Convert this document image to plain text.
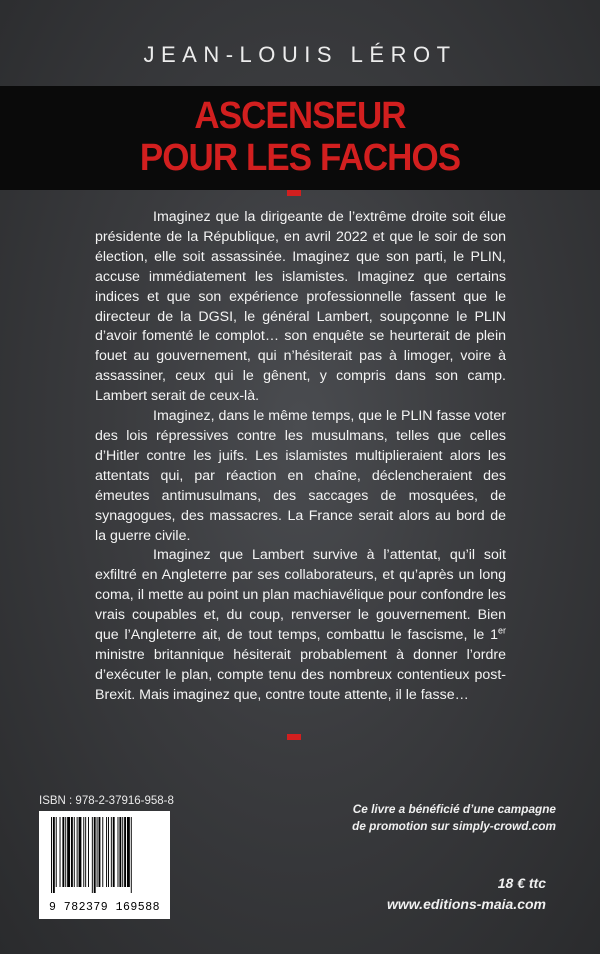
JEAN-LOUIS LÉROT
ASCENSEUR
POUR LES FACHOS

Imaginez que la dirigeante de l’extrême droite soit élue présidente de la République, en avril 2022 et que le soir de son élection, elle soit assassinée. Imaginez que son parti, le PLIN, accuse immédiatement les islamistes. Imaginez que certains indices et que son expérience professionnelle fassent que le directeur de la DGSI, le général Lambert, soupçonne le PLIN d’avoir fomenté le complot… son enquête se heurterait de plein fouet au gouvernement, qui n’hésiterait pas à limoger, voire à assassiner, ceux qui le gênent, y compris dans son camp. Lambert serait de ceux-là.

Imaginez, dans le même temps, que le PLIN fasse voter des lois répressives contre les musulmans, telles que celles d’Hitler contre les juifs. Les islamistes multiplieraient alors les attentats qui, par réaction en chaîne, déclencheraient des émeutes antimusulmans, des saccages de mosquées, de synagogues, des massacres. La France serait alors au bord de la guerre civile.

Imaginez que Lambert survive à l’attentat, qu’il soit exfiltré en Angleterre par ses collaborateurs, et qu’après un long coma, il mette au point un plan machiavélique pour confondre les vrais coupables et, du coup, renverser le gouvernement. Bien que l’Angleterre ait, de tout temps, combattu le fascisme, le 1er ministre britannique hésiterait probablement à donner l’ordre d’exécuter le plan, compte tenu des nombreux contentieux post-Brexit. Mais imaginez que, contre toute attente, il le fasse…

ISBN : 978-2-37916-958-8
9 782379 169588
Ce livre a bénéficié d’une campagne
de promotion sur simply-crowd.com
18 € ttc
www.editions-maia.com
